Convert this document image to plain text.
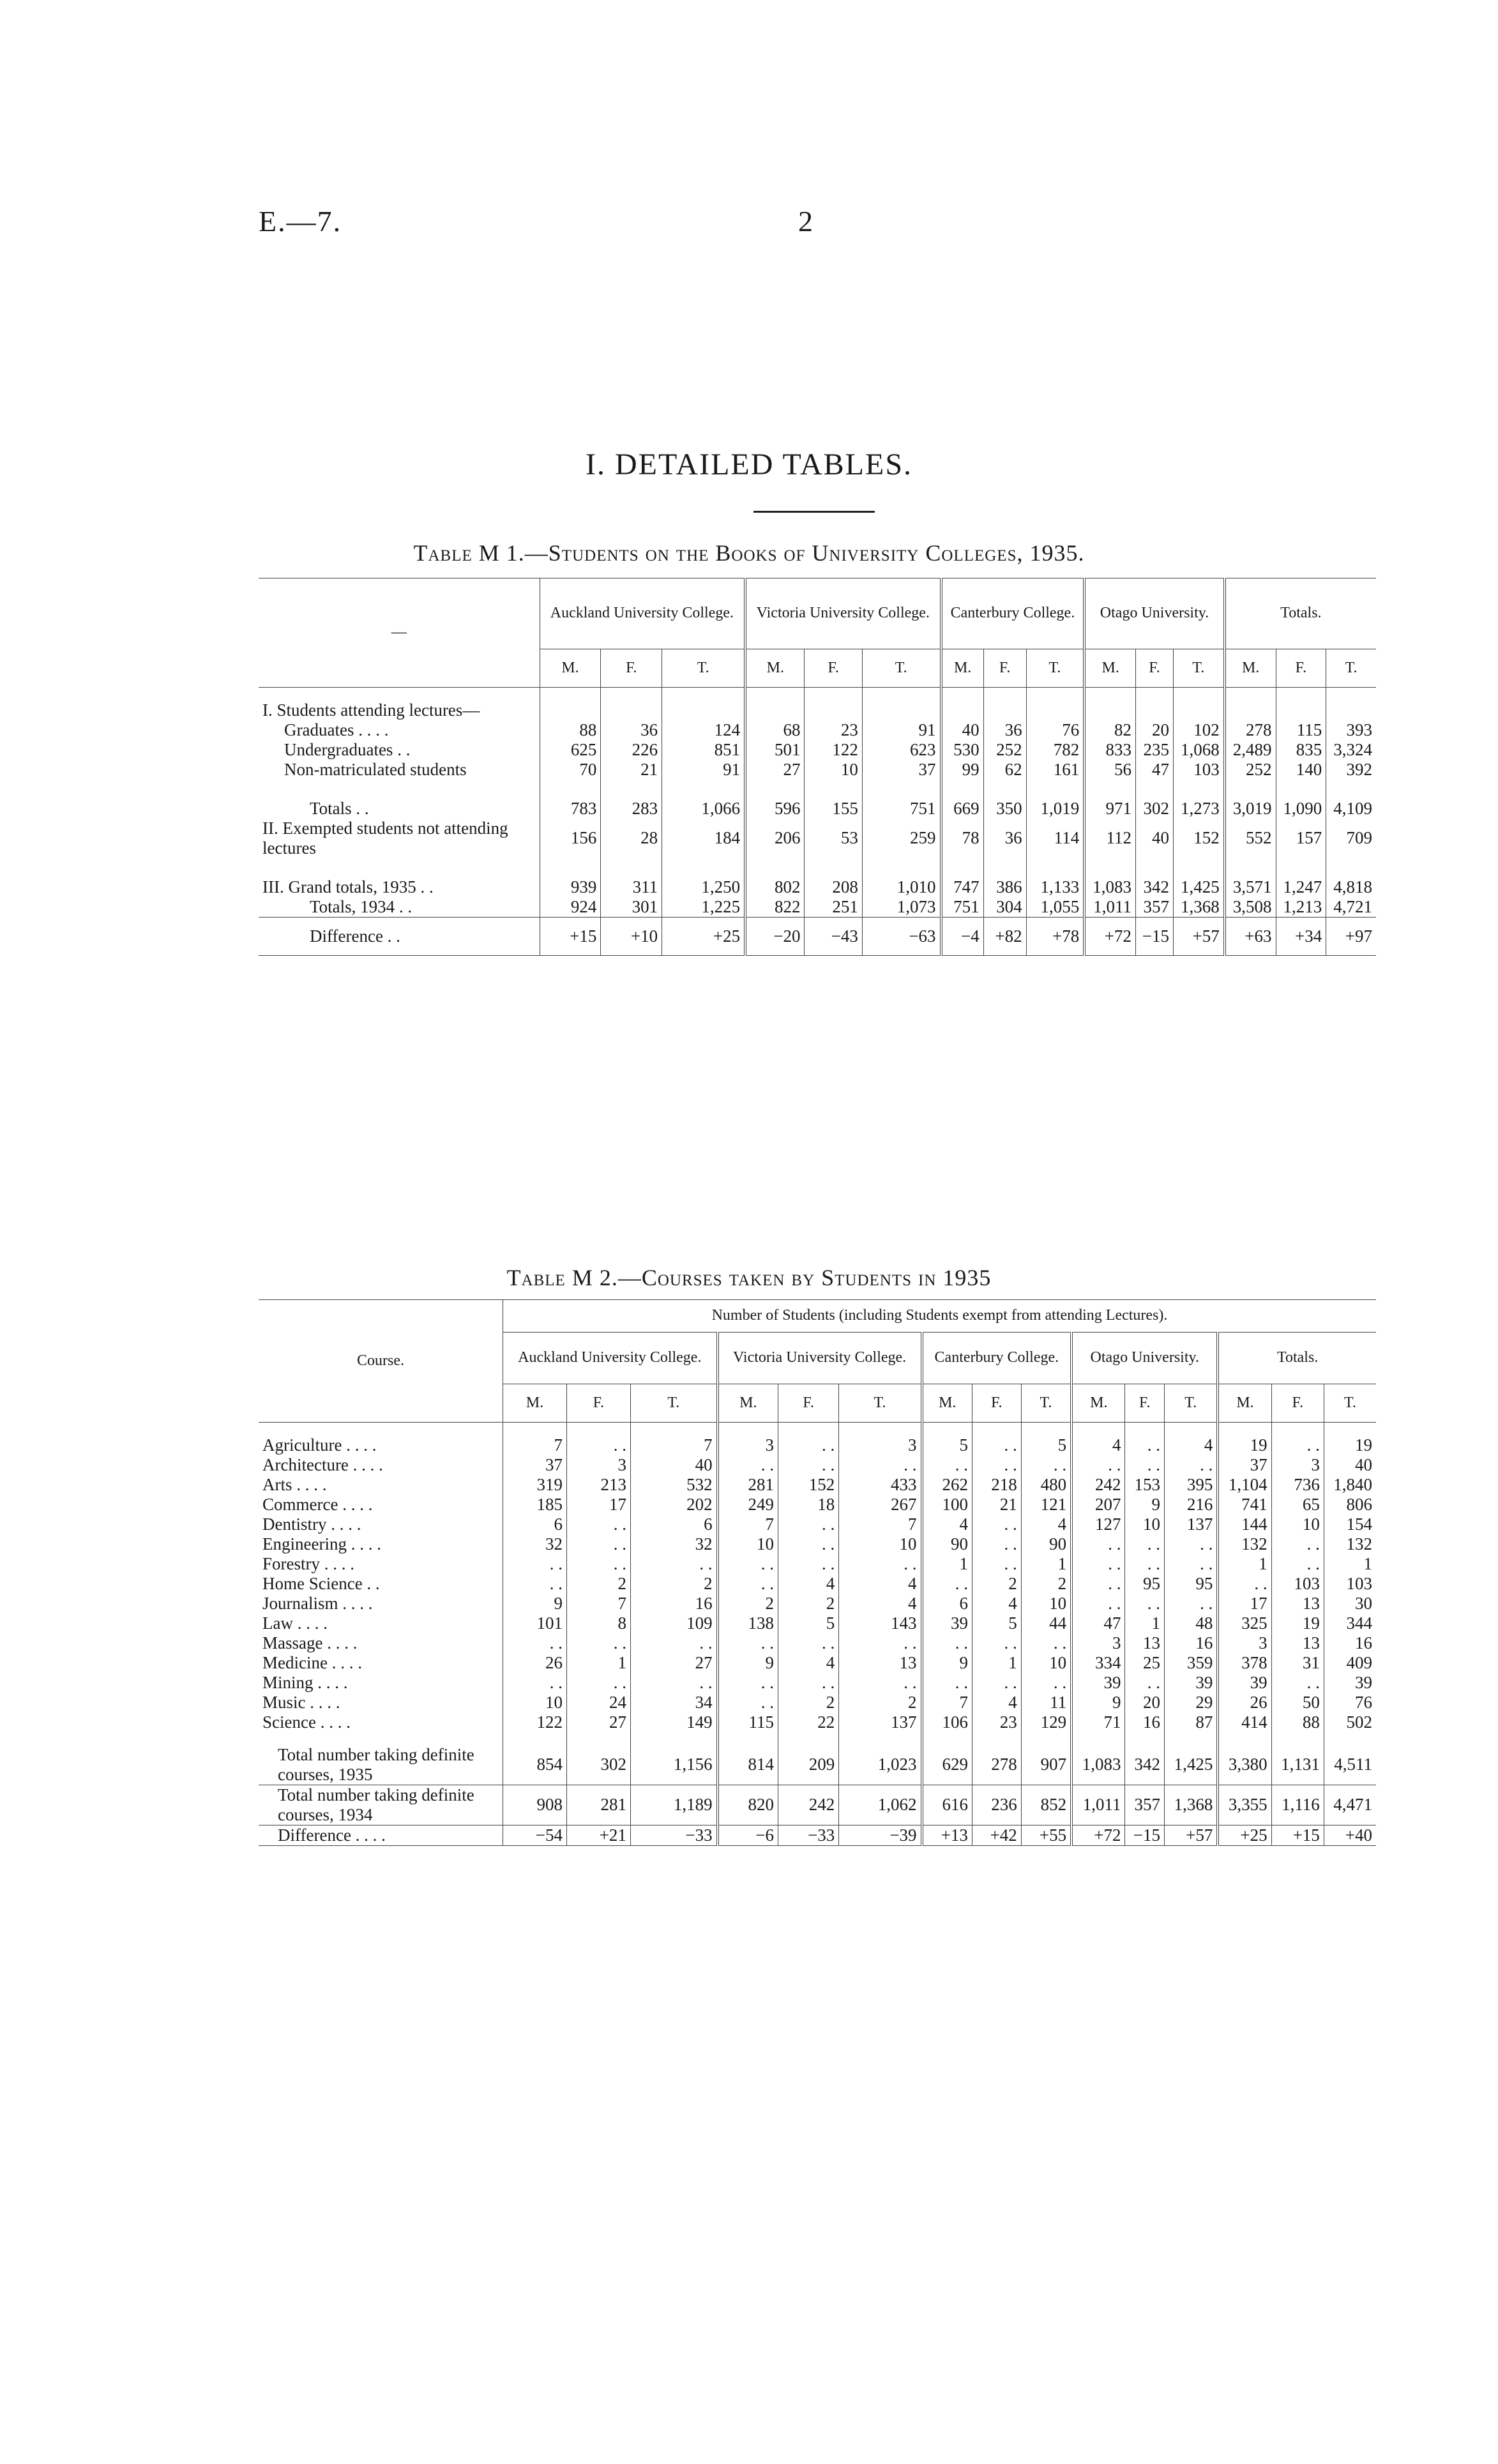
E.—7.	2
I. DETAILED TABLES.
Table M 1.—Students on the Books of University Colleges, 1935.
—	Auckland University College.			Victoria University College.			Canterbury College.			Otago University.			Totals.		
	M.	F.	T.	M.	F.	T.	M.	F.	T.	M.	F.	T.	M.	F.	T.

I. Students attending lectures—															
Graduates . . . .	88	36	124	68	23	91	40	36	76	82	20	102	278	115	393
Undergraduates . .	625	226	851	501	122	623	530	252	782	833	235	1,068	2,489	835	3,324
Non-matriculated students	70	21	91	27	10	37	99	62	161	56	47	103	252	140	392

Totals . .	783	283	1,066	596	155	751	669	350	1,019	971	302	1,273	3,019	1,090	4,109
II. Exempted students not attending lectures	156	28	184	206	53	259	78	36	114	112	40	152	552	157	709

III. Grand totals, 1935 . .	939	311	1,250	802	208	1,010	747	386	1,133	1,083	342	1,425	3,571	1,247	4,818
Totals, 1934 . .	924	301	1,225	822	251	1,073	751	304	1,055	1,011	357	1,368	3,508	1,213	4,721
Difference . .	+15	+10	+25	−20	−43	−63	−4	+82	+78	+72	−15	+57	+63	+34	+97
Table M 2.—Courses taken by Students in 1935
Course.	Number of Students (including Students exempt from attending Lectures).														
	Auckland University College.			Victoria University College.			Canterbury College.			Otago University.			Totals.		
	M.	F.	T.	M.	F.	T.	M.	F.	T.	M.	F.	T.	M.	F.	T.

Agriculture . . . .	7	. .	7	3	. .	3	5	. .	5	4	. .	4	19	. .	19
Architecture . . . .	37	3	40	. .	. .	. .	. .	. .	. .	. .	. .	. .	37	3	40
Arts . . . .	319	213	532	281	152	433	262	218	480	242	153	395	1,104	736	1,840
Commerce . . . .	185	17	202	249	18	267	100	21	121	207	9	216	741	65	806
Dentistry . . . .	6	. .	6	7	. .	7	4	. .	4	127	10	137	144	10	154
Engineering . . . .	32	. .	32	10	. .	10	90	. .	90	. .	. .	. .	132	. .	132
Forestry . . . .	. .	. .	. .	. .	. .	. .	1	. .	1	. .	. .	. .	1	. .	1
Home Science . .	. .	2	2	. .	4	4	. .	2	2	. .	95	95	. .	103	103
Journalism . . . .	9	7	16	2	2	4	6	4	10	. .	. .	. .	17	13	30
Law . . . .	101	8	109	138	5	143	39	5	44	47	1	48	325	19	344
Massage . . . .	. .	. .	. .	. .	. .	. .	. .	. .	. .	3	13	16	3	13	16
Medicine . . . .	26	1	27	9	4	13	9	1	10	334	25	359	378	31	409
Mining . . . .	. .	. .	. .	. .	. .	. .	. .	. .	. .	39	. .	39	39	. .	39
Music . . . .	10	24	34	. .	2	2	7	4	11	9	20	29	26	50	76
Science . . . .	122	27	149	115	22	137	106	23	129	71	16	87	414	88	502

Total number taking definite courses, 1935	854	302	1,156	814	209	1,023	629	278	907	1,083	342	1,425	3,380	1,131	4,511
Total number taking definite courses, 1934	908	281	1,189	820	242	1,062	616	236	852	1,011	357	1,368	3,355	1,116	4,471
Difference . . . .	−54	+21	−33	−6	−33	−39	+13	+42	+55	+72	−15	+57	+25	+15	+40
